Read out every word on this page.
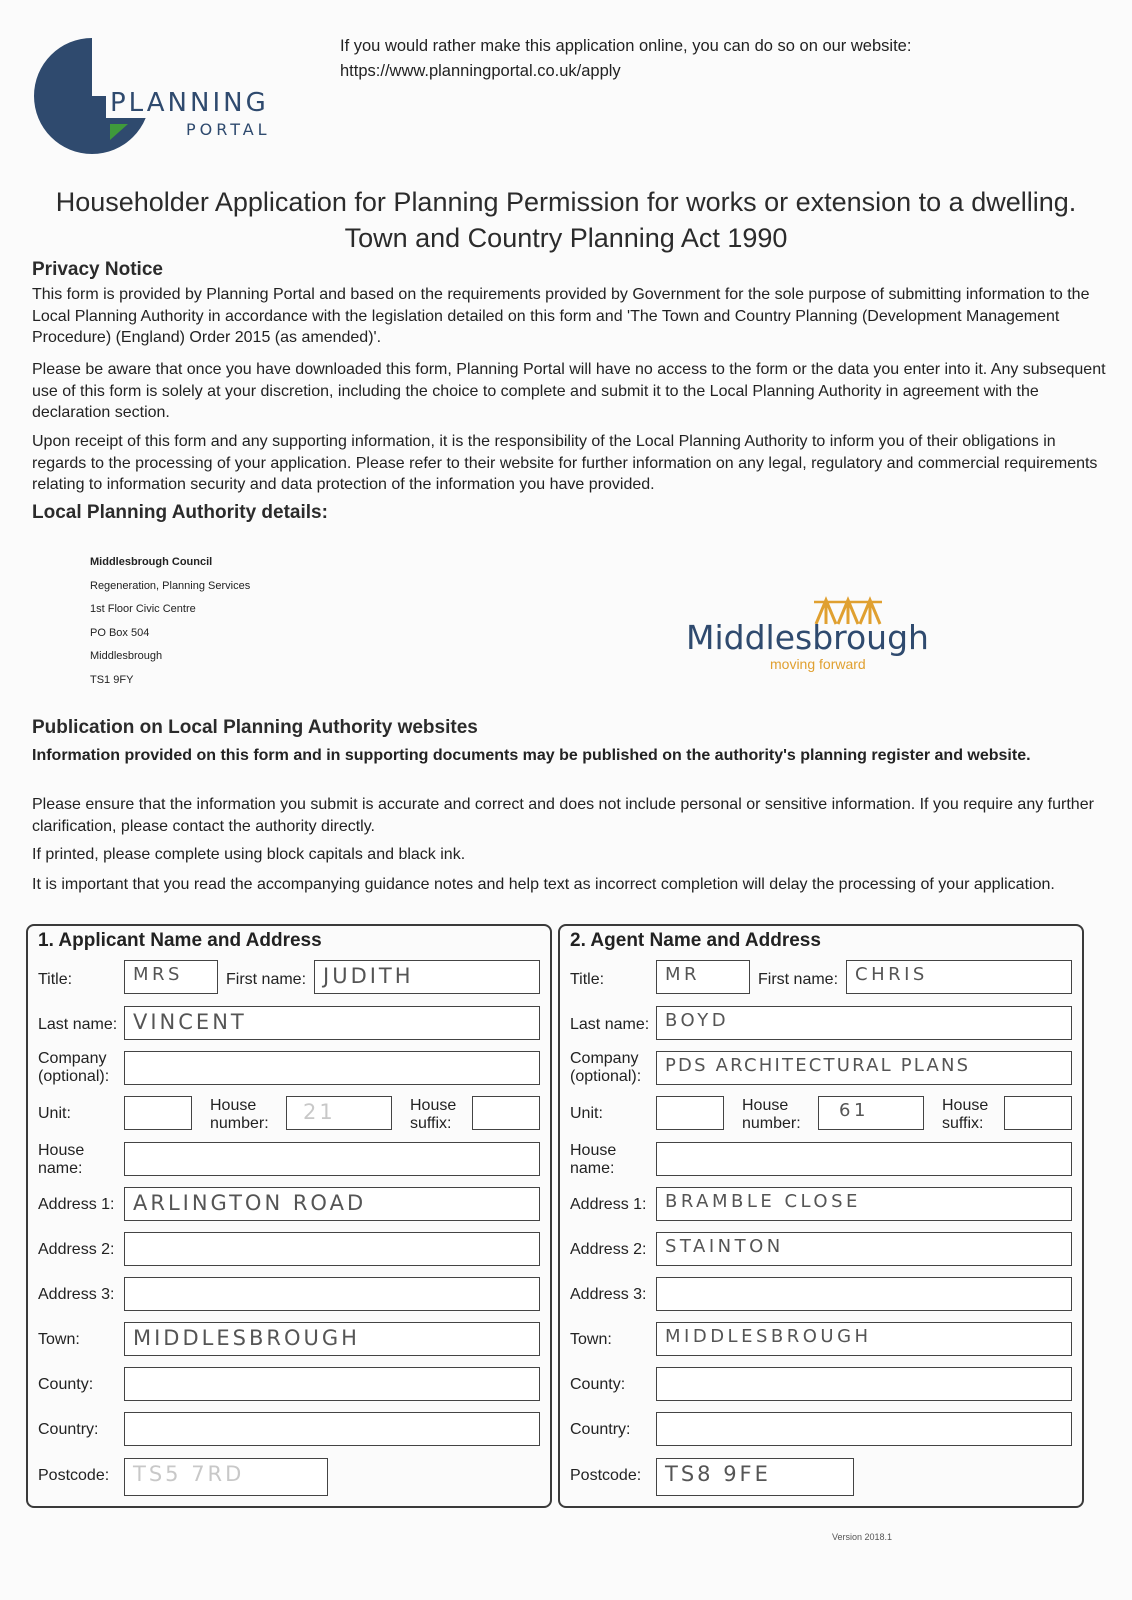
PLANNING
PORTAL
If you would rather make this application online, you can do so on our website:
https://www.planningportal.co.uk/apply
Householder Application for Planning Permission for works or extension to a dwelling.
Town and Country Planning Act 1990
Privacy Notice
This form is provided by Planning Portal and based on the requirements provided by Government for the sole purpose of submitting information to the Local Planning Authority in accordance with the legislation detailed on this form and 'The Town and Country Planning (Development Management Procedure) (England) Order 2015 (as amended)'.
Please be aware that once you have downloaded this form, Planning Portal will have no access to the form or the data you enter into it. Any subsequent use of this form is solely at your discretion, including the choice to complete and submit it to the Local Planning Authority in agreement with the declaration section.
Upon receipt of this form and any supporting information, it is the responsibility of the Local Planning Authority to inform you of their obligations in regards to the processing of your application. Please refer to their website for further information on any legal, regulatory and commercial requirements relating to information security and data protection of the information you have provided.
Local Planning Authority details:
Middlesbrough Council
Regeneration, Planning Services
1st Floor Civic Centre
PO Box 504
Middlesbrough
TS1 9FY
Middlesbrough
moving forward
Publication on Local Planning Authority websites
Information provided on this form and in supporting documents may be published on the authority's planning register and website.
Please ensure that the information you submit is accurate and correct and does not include personal or sensitive information. If you require any further clarification, please contact the authority directly.
If printed, please complete using block capitals and black ink.
It is important that you read the accompanying guidance notes and help text as incorrect completion will delay the processing of your application.
1. Applicant Name and Address
Title:	MRS	First name: JUDITH
Last name: VINCENT
Company
(optional):
Unit:	House
number: 21	House
suffix:
House
name:
Address 1: ARLINGTON ROAD
Address 2:
Address 3:
Town:	MIDDLESBROUGH
County:
Country:
Postcode: TS5 7RD
2. Agent Name and Address
Title:	MR	First name: CHRIS
Last name: BOYD
Company
(optional):
PDS ARCHITECTURAL PLANS
Unit:	House
number:
61	House
suffix:
House
name:
Address 1: BRAMBLE CLOSE
Address 2: STAINTON
Address 3:
Town:	MIDDLESBROUGH
County:
Country:
Postcode: TS8 9FE
Version 2018.1
